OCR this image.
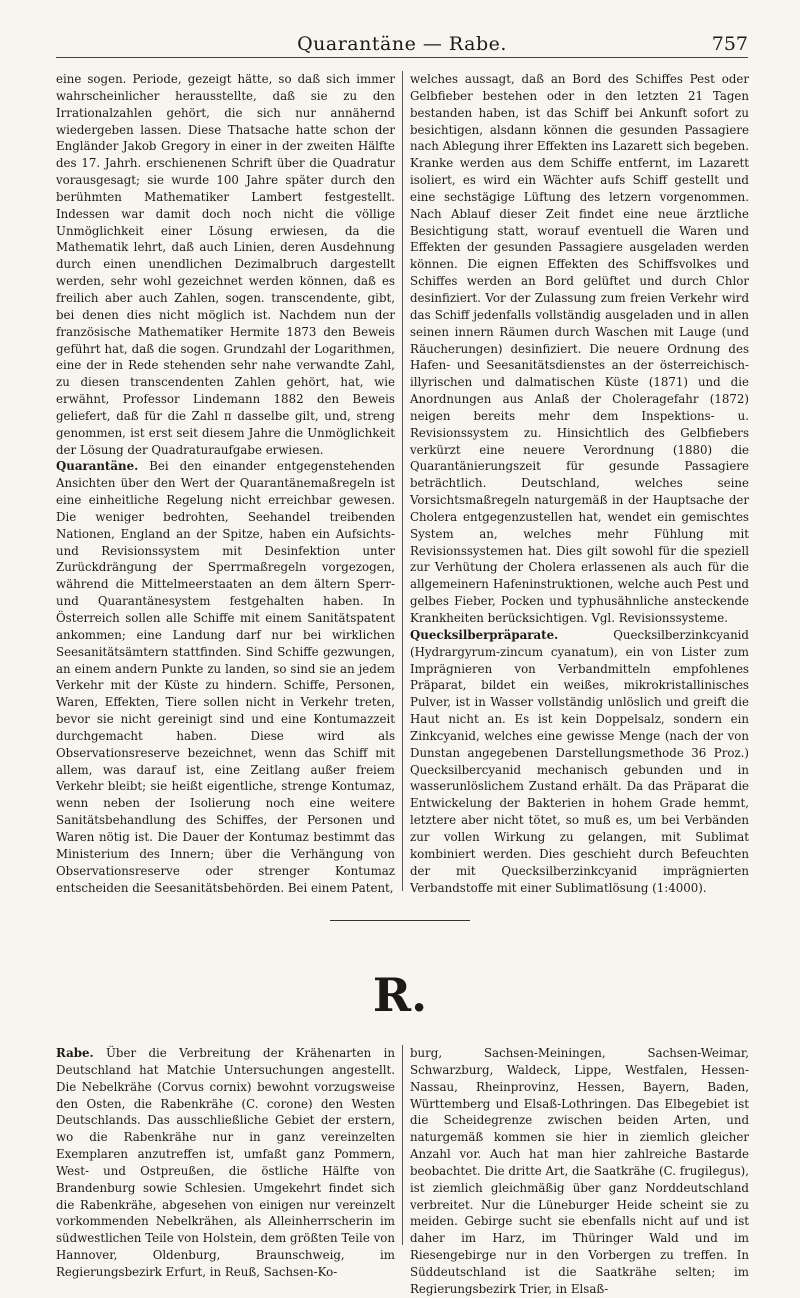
Quarantäne — Rabe.	757

eine sogen. Periode, gezeigt hätte, so daß sich immer wahrscheinlicher herausstellte, daß sie zu den Irrationalzahlen gehört, die sich nur annähernd wiedergeben lassen. Diese Thatsache hatte schon der Engländer Jakob Gregory in einer in der zweiten Hälfte des 17. Jahrh. erschienenen Schrift über die Quadratur vorausgesagt; sie wurde 100 Jahre später durch den berühmten Mathematiker Lambert festgestellt. Indessen war damit doch noch nicht die völlige Unmöglichkeit einer Lösung erwiesen, da die Mathematik lehrt, daß auch Linien, deren Ausdehnung durch einen unendlichen Dezimalbruch dargestellt werden, sehr wohl gezeichnet werden können, daß es freilich aber auch Zahlen, sogen. transcendente, gibt, bei denen dies nicht möglich ist. Nachdem nun der französische Mathematiker Hermite 1873 den Beweis geführt hat, daß die sogen. Grundzahl der Logarithmen, eine der in Rede stehenden sehr nahe verwandte Zahl, zu diesen transcendenten Zahlen gehört, hat, wie erwähnt, Professor Lindemann 1882 den Beweis geliefert, daß für die Zahl π dasselbe gilt, und, streng genommen, ist erst seit diesem Jahre die Unmöglichkeit der Lösung der Quadraturaufgabe erwiesen.

Quarantäne. Bei den einander entgegenstehenden Ansichten über den Wert der Quarantänemaßregeln ist eine einheitliche Regelung nicht erreichbar gewesen. Die weniger bedrohten, Seehandel treibenden Nationen, England an der Spitze, haben ein Aufsichts- und Revisionssystem mit Desinfektion unter Zurückdrängung der Sperrmaßregeln vorgezogen, während die Mittelmeerstaaten an dem ältern Sperr- und Quarantänesystem festgehalten haben. In Österreich sollen alle Schiffe mit einem Sanitätspatent ankommen; eine Landung darf nur bei wirklichen Seesanitätsämtern stattfinden. Sind Schiffe gezwungen, an einem andern Punkte zu landen, so sind sie an jedem Verkehr mit der Küste zu hindern. Schiffe, Personen, Waren, Effekten, Tiere sollen nicht in Verkehr treten, bevor sie nicht gereinigt sind und eine Kontumazzeit durchgemacht haben. Diese wird als Observationsreserve bezeichnet, wenn das Schiff mit allem, was darauf ist, eine Zeitlang außer freiem Verkehr bleibt; sie heißt eigentliche, strenge Kontumaz, wenn neben der Isolierung noch eine weitere Sanitätsbehandlung des Schiffes, der Personen und Waren nötig ist. Die Dauer der Kontumaz bestimmt das Ministerium des Innern; über die Verhängung von Observationsreserve oder strenger Kontumaz entscheiden die Seesanitätsbehörden. Bei einem Patent,

welches aussagt, daß an Bord des Schiffes Pest oder Gelbfieber bestehen oder in den letzten 21 Tagen bestanden haben, ist das Schiff bei Ankunft sofort zu besichtigen, alsdann können die gesunden Passagiere nach Ablegung ihrer Effekten ins Lazarett sich begeben. Kranke werden aus dem Schiffe entfernt, im Lazarett isoliert, es wird ein Wächter aufs Schiff gestellt und eine sechstägige Lüftung des letzern vorgenommen. Nach Ablauf dieser Zeit findet eine neue ärztliche Besichtigung statt, worauf eventuell die Waren und Effekten der gesunden Passagiere ausgeladen werden können. Die eignen Effekten des Schiffsvolkes und Schiffes werden an Bord gelüftet und durch Chlor desinfiziert. Vor der Zulassung zum freien Verkehr wird das Schiff jedenfalls vollständig ausgeladen und in allen seinen innern Räumen durch Waschen mit Lauge (und Räucherungen) desinfiziert. Die neuere Ordnung des Hafen- und Seesanitätsdienstes an der österreichisch-illyrischen und dalmatischen Küste (1871) und die Anordnungen aus Anlaß der Choleragefahr (1872) neigen bereits mehr dem Inspektions- u. Revisionssystem zu. Hinsichtlich des Gelbfiebers verkürzt eine neuere Verordnung (1880) die Quarantänierungszeit für gesunde Passagiere beträchtlich. Deutschland, welches seine Vorsichtsmaßregeln naturgemäß in der Hauptsache der Cholera entgegenzustellen hat, wendet ein gemischtes System an, welches mehr Fühlung mit Revisionssystemen hat. Dies gilt sowohl für die speziell zur Verhütung der Cholera erlassenen als auch für die allgemeinern Hafeninstruktionen, welche auch Pest und gelbes Fieber, Pocken und typhusähnliche ansteckende Krankheiten berücksichtigen. Vgl. Revisionssysteme.

Quecksilberpräparate. Quecksilberzinkcyanid (Hydrargyrum-zincum cyanatum), ein von Lister zum Imprägnieren von Verbandmitteln empfohlenes Präparat, bildet ein weißes, mikrokristallinisches Pulver, ist in Wasser vollständig unlöslich und greift die Haut nicht an. Es ist kein Doppelsalz, sondern ein Zinkcyanid, welches eine gewisse Menge (nach der von Dunstan angegebenen Darstellungsmethode 36 Proz.) Quecksilbercyanid mechanisch gebunden und in wasserunlöslichem Zustand erhält. Da das Präparat die Entwickelung der Bakterien in hohem Grade hemmt, letztere aber nicht tötet, so muß es, um bei Verbänden zur vollen Wirkung zu gelangen, mit Sublimat kombiniert werden. Dies geschieht durch Befeuchten der mit Quecksilberzinkcyanid imprägnierten Verbandstoffe mit einer Sublimatlösung (1:4000).

R.

Rabe. Über die Verbreitung der Krähenarten in Deutschland hat Matchie Untersuchungen angestellt. Die Nebelkrähe (Corvus cornix) bewohnt vorzugsweise den Osten, die Rabenkrähe (C. corone) den Westen Deutschlands. Das ausschließliche Gebiet der erstern, wo die Rabenkrähe nur in ganz vereinzelten Exemplaren anzutreffen ist, umfaßt ganz Pommern, West- und Ostpreußen, die östliche Hälfte von Brandenburg sowie Schlesien. Umgekehrt findet sich die Rabenkrähe, abgesehen von einigen nur vereinzelt vorkommenden Nebelkrähen, als Alleinherrscherin im südwestlichen Teile von Holstein, dem größten Teile von Hannover, Oldenburg, Braunschweig, im Regierungsbezirk Erfurt, in Reuß, Sachsen-Ko-

burg, Sachsen-Meiningen, Sachsen-Weimar, Schwarzburg, Waldeck, Lippe, Westfalen, Hessen-Nassau, Rheinprovinz, Hessen, Bayern, Baden, Württemberg und Elsaß-Lothringen. Das Elbegebiet ist die Scheidegrenze zwischen beiden Arten, und naturgemäß kommen sie hier in ziemlich gleicher Anzahl vor. Auch hat man hier zahlreiche Bastarde beobachtet. Die dritte Art, die Saatkrähe (C. frugilegus), ist ziemlich gleichmäßig über ganz Norddeutschland verbreitet. Nur die Lüneburger Heide scheint sie zu meiden. Gebirge sucht sie ebenfalls nicht auf und ist daher im Harz, im Thüringer Wald und im Riesengebirge nur in den Vorbergen zu treffen. In Süddeutschland ist die Saatkrähe selten; im Regierungsbezirk Trier, in Elsaß-
